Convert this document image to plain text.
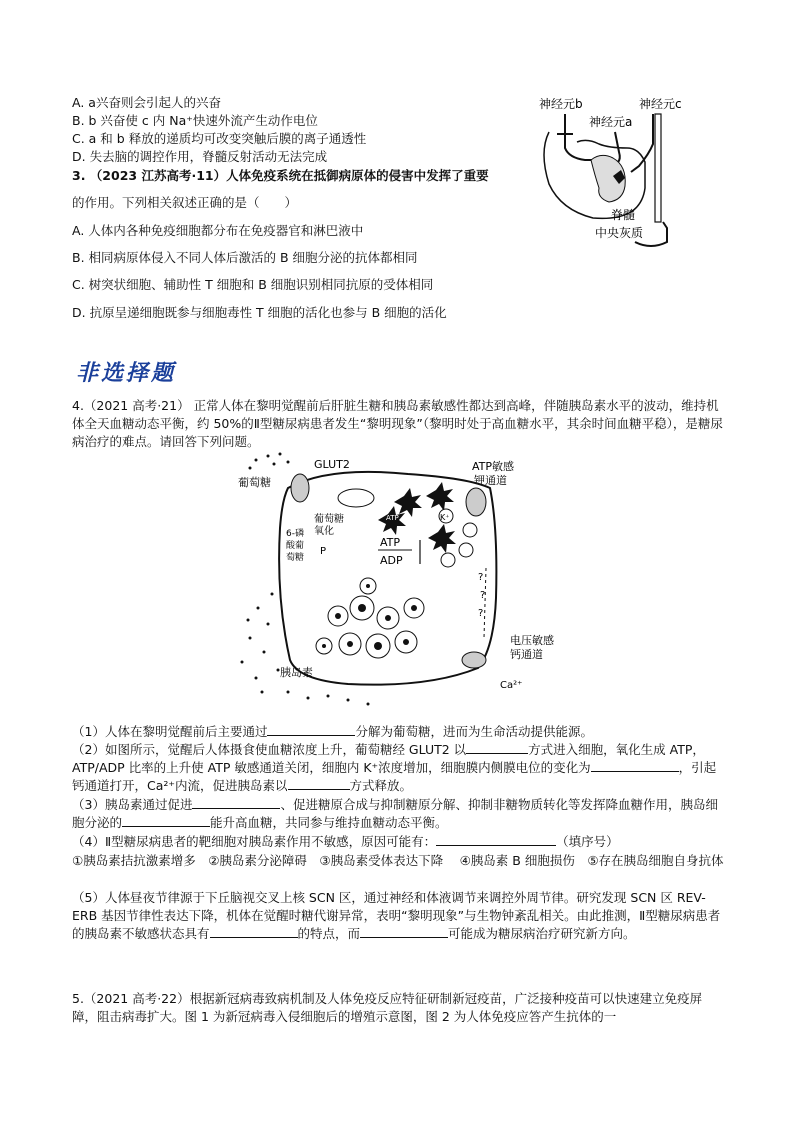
A. a兴奋则会引起人的兴奋
B. b 兴奋使 c 内 Na⁺快速外流产生动作电位
C. a 和 b 释放的递质均可改变突触后膜的离子通透性
D. 失去脑的调控作用，脊髓反射活动无法完成
神经元b	神经元c
神经元a
脊髓
中央灰质
3. （2023 江苏高考·11）人体免疫系统在抵御病原体的侵害中发挥了重要
的作用。下列相关叙述正确的是（　　）
A. 人体内各种免疫细胞都分布在免疫器官和淋巴液中
B. 相同病原体侵入不同人体后激活的 B 细胞分泌的抗体都相同
C. 树突状细胞、辅助性 T 细胞和 B 细胞识别相同抗原的受体相同
D. 抗原呈递细胞既参与细胞毒性 T 细胞的活化也参与 B 细胞的活化
非选择题
4.（2021 高考·21） 正常人体在黎明觉醒前后肝脏生糖和胰岛素敏感性都达到高峰，伴随胰岛素水平的波动，维持机体全天血糖动态平衡，约 50%的Ⅱ型糖尿病患者发生“黎明现象”（黎明时处于高血糖水平，其余时间血糖平稳），是糖尿病治疗的难点。请回答下列问题。
葡萄糖
GLUT2	ATP敏感
钾通道
葡萄糖
氧化
6-磷
酸葡
萄糖
P
ATP
ADP
ATP	K⁺
?
?
?
电压敏感
钙通道
Ca²⁺
胰岛素
（1）人体在黎明觉醒前后主要通过	分解为葡萄糖，进而为生命活动提供能源。
（2）如图所示，觉醒后人体摄食使血糖浓度上升，葡萄糖经 GLUT2 以	方式进入细胞，氧化生成 ATP，ATP/ADP 比率的上升使 ATP 敏感通道关闭，细胞内 K⁺浓度增加，细胞膜内侧膜电位的变化为	，引起钙通道打开，Ca²⁺内流，促进胰岛素以	方式释放。
（3）胰岛素通过促进	、促进糖原合成与抑制糖原分解、抑制非糖物质转化等发挥降血糖作用，胰岛细胞分泌的	能升高血糖，共同参与维持血糖动态平衡。
（4）Ⅱ型糖尿病患者的靶细胞对胰岛素作用不敏感，原因可能有：	（填序号）
①胰岛素拮抗激素增多　②胰岛素分泌障碍　③胰岛素受体表达下降　 ④胰岛素 B 细胞损伤　⑤存在胰岛细胞自身抗体
（5）人体昼夜节律源于下丘脑视交叉上核 SCN 区，通过神经和体液调节来调控外周节律。研究发现 SCN 区 REV-ERB 基因节律性表达下降，机体在觉醒时糖代谢异常，表明“黎明现象”与生物钟紊乱相关。由此推测，Ⅱ型糖尿病患者的胰岛素不敏感状态具有	的特点，而	可能成为糖尿病治疗研究新方向。
5.（2021 高考·22）根据新冠病毒致病机制及人体免疫反应特征研制新冠疫苗，广泛接种疫苗可以快速建立免疫屏障，阻击病毒扩大。图 1 为新冠病毒入侵细胞后的增殖示意图，图 2 为人体免疫应答产生抗体的一
